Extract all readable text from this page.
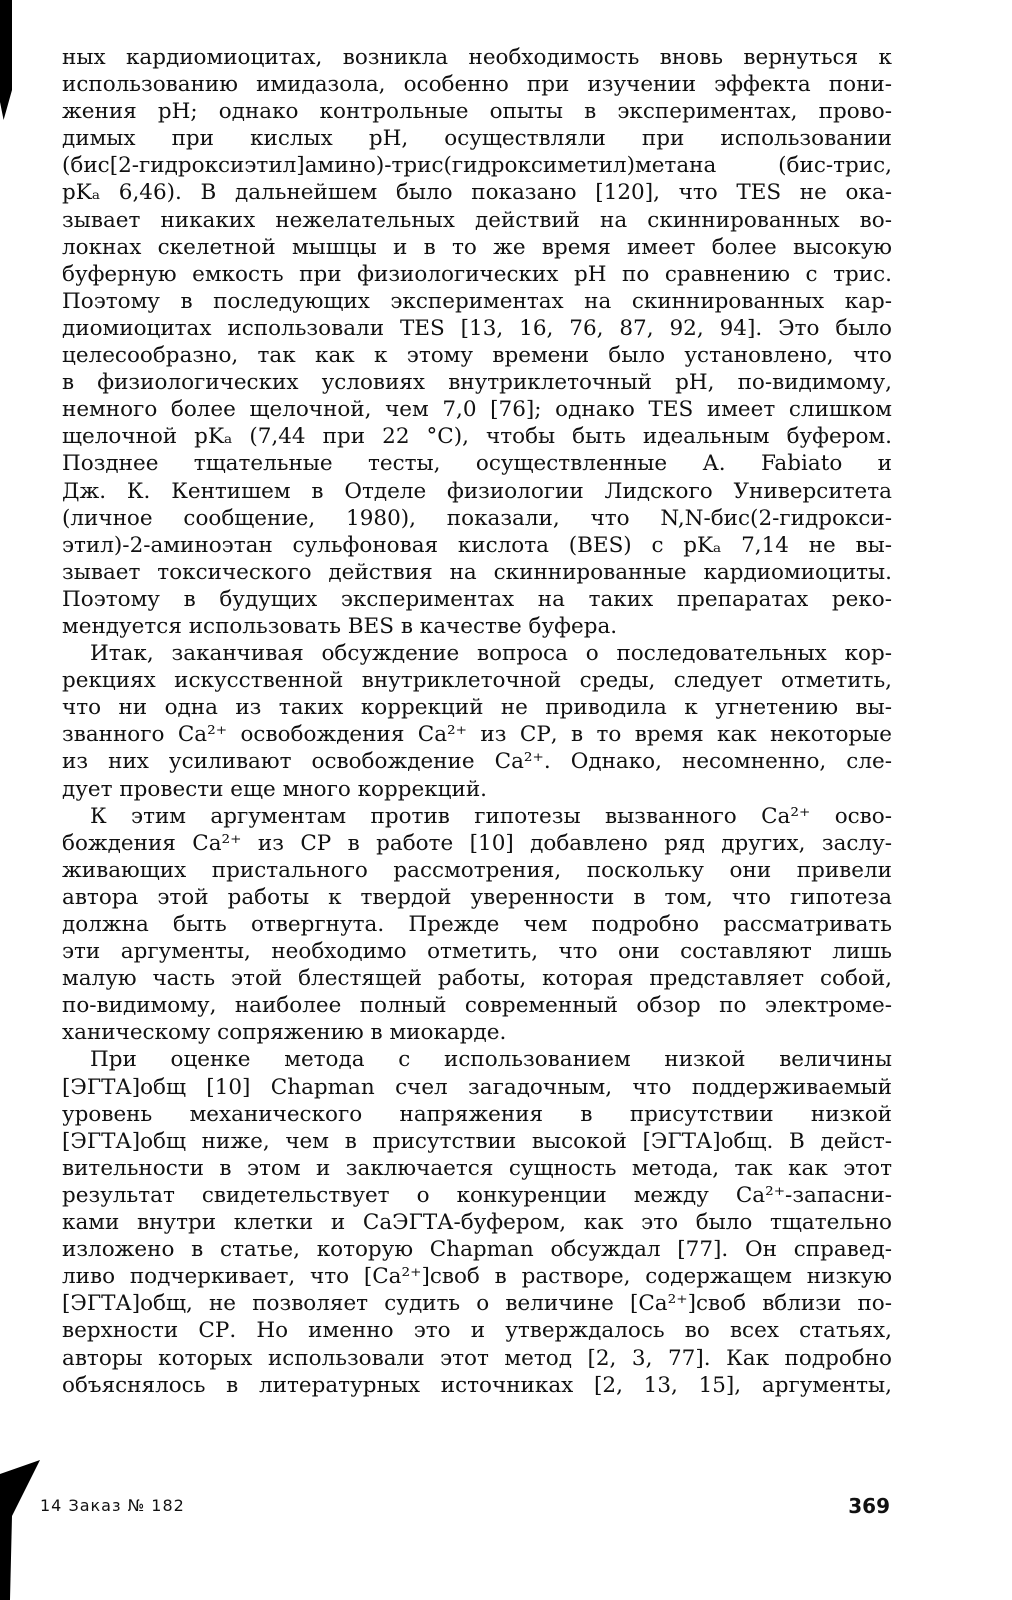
ных кардиомиоцитах, возникла необходимость вновь вернуться к
использованию имидазола, особенно при изучении эффекта пони-
жения pH; однако контрольные опыты в экспериментах, прово-
димых при кислых pH, осуществляли при использовании
(бис[2-гидроксиэтил]амино)-трис(гидроксиметил)метана (бис-трис,
pKₐ 6,46). В дальнейшем было показано [120], что TES не ока-
зывает никаких нежелательных действий на скиннированных во-
локнах скелетной мышцы и в то же время имеет более высокую
буферную емкость при физиологических pH по сравнению с трис.
Поэтому в последующих экспериментах на скиннированных кар-
диомиоцитах использовали TES [13, 16, 76, 87, 92, 94]. Это было
целесообразно, так как к этому времени было установлено, что
в физиологических условиях внутриклеточный pH, по-видимому,
немного более щелочной, чем 7,0 [76]; однако TES имеет слишком
щелочной pKₐ (7,44 при 22 °C), чтобы быть идеальным буфером.
Позднее тщательные тесты, осуществленные А. Fabiato и
Дж. К. Кентишем в Отделе физиологии Лидского Университета
(личное сообщение, 1980), показали, что N,N-бис(2-гидрокси-
этил)-2-аминоэтан сульфоновая кислота (BES) с pKₐ 7,14 не вы-
зывает токсического действия на скиннированные кардиомиоциты.
Поэтому в будущих экспериментах на таких препаратах реко-
мендуется использовать BES в качестве буфера.
Итак, заканчивая обсуждение вопроса о последовательных кор-
рекциях искусственной внутриклеточной среды, следует отметить,
что ни одна из таких коррекций не приводила к угнетению вы-
званного Ca²⁺ освобождения Ca²⁺ из СР, в то время как некоторые
из них усиливают освобождение Ca²⁺. Однако, несомненно, сле-
дует провести еще много коррекций.
К этим аргументам против гипотезы вызванного Ca²⁺ осво-
бождения Ca²⁺ из СР в работе [10] добавлено ряд других, заслу-
живающих пристального рассмотрения, поскольку они привели
автора этой работы к твердой уверенности в том, что гипотеза
должна быть отвергнута. Прежде чем подробно рассматривать
эти аргументы, необходимо отметить, что они составляют лишь
малую часть этой блестящей работы, которая представляет собой,
по-видимому, наиболее полный современный обзор по электроме-
ханическому сопряжению в миокарде.
При оценке метода с использованием низкой величины
[ЭГТА]общ [10] Chapman счел загадочным, что поддерживаемый
уровень механического напряжения в присутствии низкой
[ЭГТА]общ ниже, чем в присутствии высокой [ЭГТА]общ. В дейст-
вительности в этом и заключается сущность метода, так как этот
результат свидетельствует о конкуренции между Ca²⁺-запасни-
ками внутри клетки и CaЭГТА-буфером, как это было тщательно
изложено в статье, которую Chapman обсуждал [77]. Он справед-
ливо подчеркивает, что [Ca²⁺]своб в растворе, содержащем низкую
[ЭГТА]общ, не позволяет судить о величине [Ca²⁺]своб вблизи по-
верхности СР. Но именно это и утверждалось во всех статьях,
авторы которых использовали этот метод [2, 3, 77]. Как подробно
объяснялось в литературных источниках [2, 13, 15], аргументы,
14 Заказ № 182	369
